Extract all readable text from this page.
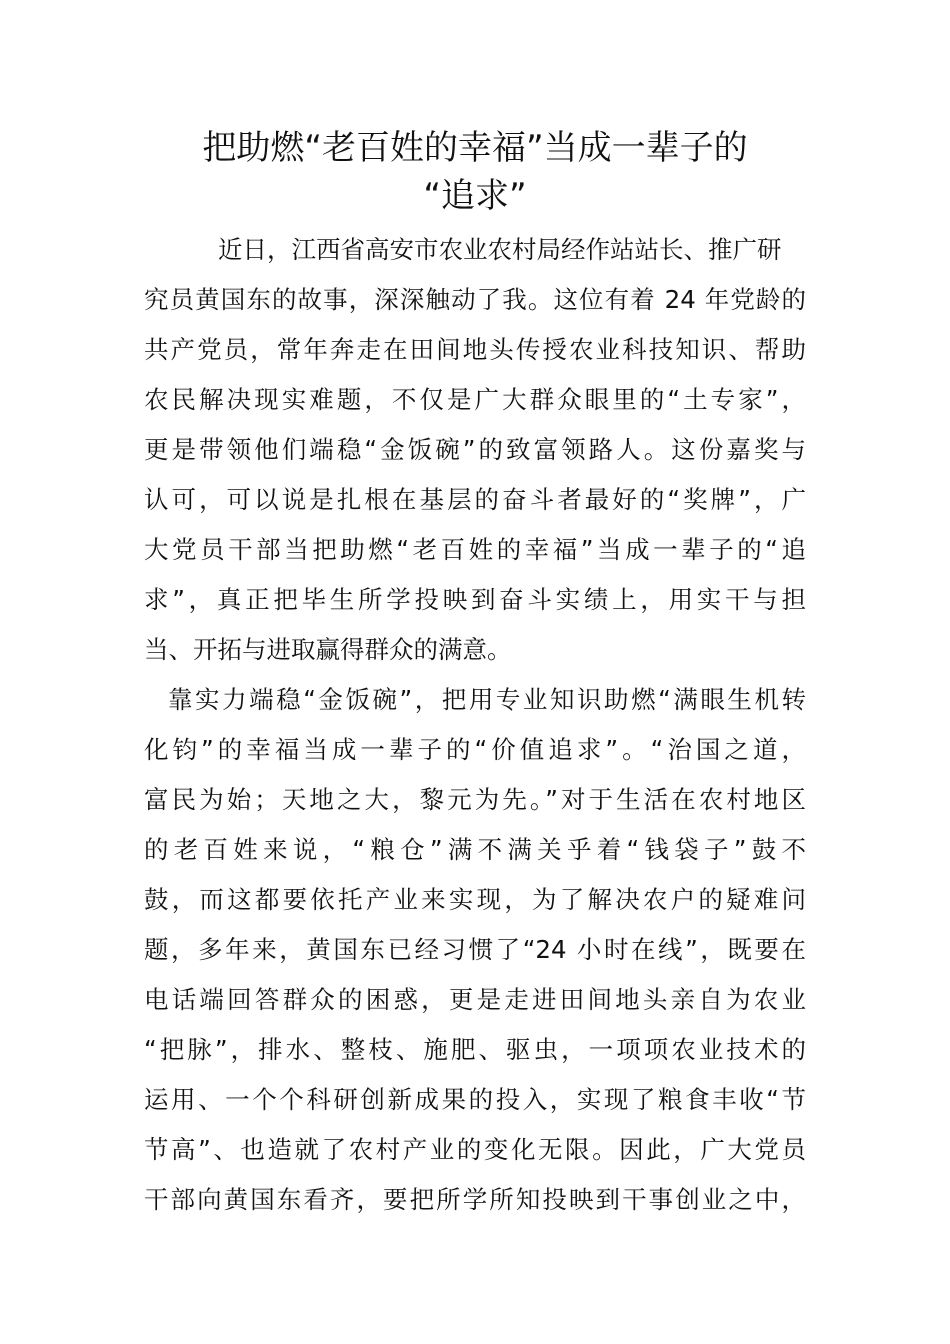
把助燃“老百姓的幸福”当成一辈子的
“追求”
近日，江西省高安市农业农村局经作站站长、推广研
究员黄国东的故事，深深触动了我。这位有着 24 年党龄的
共产党员，常年奔走在田间地头传授农业科技知识、帮助
农民解决现实难题，不仅是广大群众眼里的“土专家”，
更是带领他们端稳“金饭碗”的致富领路人。这份嘉奖与
认可，可以说是扎根在基层的奋斗者最好的“奖牌”，广
大党员干部当把助燃“老百姓的幸福”当成一辈子的“追
求”，真正把毕生所学投映到奋斗实绩上，用实干与担
当、开拓与进取赢得群众的满意。
靠实力端稳“金饭碗”，把用专业知识助燃“满眼生机转
化钧”的幸福当成一辈子的“价值追求”。“治国之道，
富民为始；天地之大，黎元为先。”对于生活在农村地区
的老百姓来说，“粮仓”满不满关乎着“钱袋子”鼓不
鼓，而这都要依托产业来实现，为了解决农户的疑难问
题，多年来，黄国东已经习惯了“24 小时在线”，既要在
电话端回答群众的困惑，更是走进田间地头亲自为农业
“把脉”，排水、整枝、施肥、驱虫，一项项农业技术的
运用、一个个科研创新成果的投入，实现了粮食丰收“节
节高”、也造就了农村产业的变化无限。因此，广大党员
干部向黄国东看齐，要把所学所知投映到干事创业之中，
